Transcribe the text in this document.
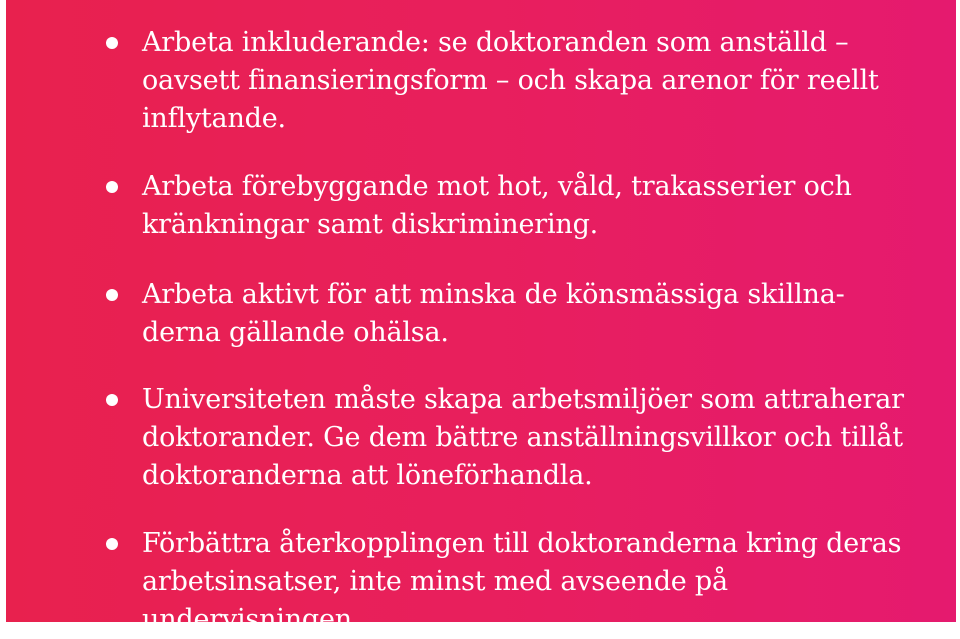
Arbeta inkluderande: se doktoranden som anställd –
oavsett finansieringsform – och skapa arenor för reellt
inflytande.

Arbeta förebyggande mot hot, våld, trakasserier och
kränkningar samt diskriminering.

Arbeta aktivt för att minska de könsmässiga skillna-
derna gällande ohälsa.

Universiteten måste skapa arbetsmiljöer som attraherar
doktorander. Ge dem bättre anställningsvillkor och tillåt
doktoranderna att löneförhandla.

Förbättra återkopplingen till doktoranderna kring deras
arbetsinsatser, inte minst med avseende på undervisningen.
